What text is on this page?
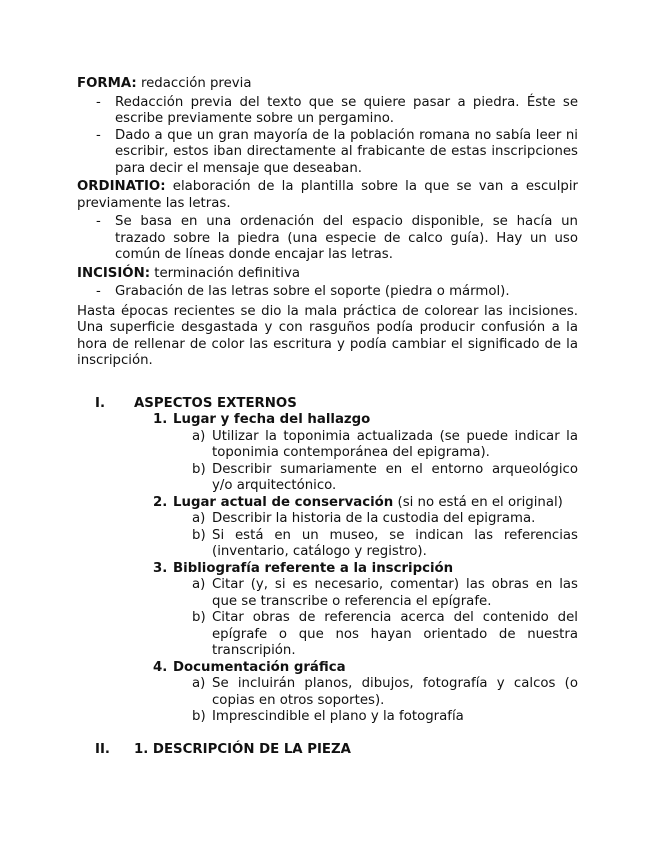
FORMA: redacción previa

- Redacción previa del texto que se quiere pasar a piedra. Éste se escribe previamente sobre un pergamino.
- Dado a que un gran mayoría de la población romana no sabía leer ni escribir, estos iban directamente al frabicante de estas inscripciones para decir el mensaje que deseaban.

ORDINATIO: elaboración de la plantilla sobre la que se van a esculpir previamente las letras.

- Se basa en una ordenación del espacio disponible, se hacía un trazado sobre la piedra (una especie de calco guía). Hay un uso común de líneas donde encajar las letras.

INCISIÓN: terminación definitiva

- Grabación de las letras sobre el soporte (piedra o mármol).

Hasta épocas recientes se dio la mala práctica de colorear las incisiones. Una superficie desgastada y con rasguños podía producir confusión a la hora de rellenar de color las escritura y podía cambiar el significado de la inscripción.

I. ASPECTOS EXTERNOS
1. Lugar y fecha del hallazgo
a) Utilizar la toponimia actualizada (se puede indicar la toponimia contemporánea del epigrama).
b) Describir sumariamente en el entorno arqueológico y/o arquitectónico.
2. Lugar actual de conservación (si no está en el original)
a) Describir la historia de la custodia del epigrama.
b) Si está en un museo, se indican las referencias (inventario, catálogo y registro).
3. Bibliografía referente a la inscripción
a) Citar (y, si es necesario, comentar) las obras en las que se transcribe o referencia el epígrafe.
b) Citar obras de referencia acerca del contenido del epígrafe o que nos hayan orientado de nuestra transcripión.
4. Documentación gráfica
a) Se incluirán planos, dibujos, fotografía y calcos (o copias en otros soportes).
b) Imprescindible el plano y la fotografía
II. 1. DESCRIPCIÓN DE LA PIEZA
